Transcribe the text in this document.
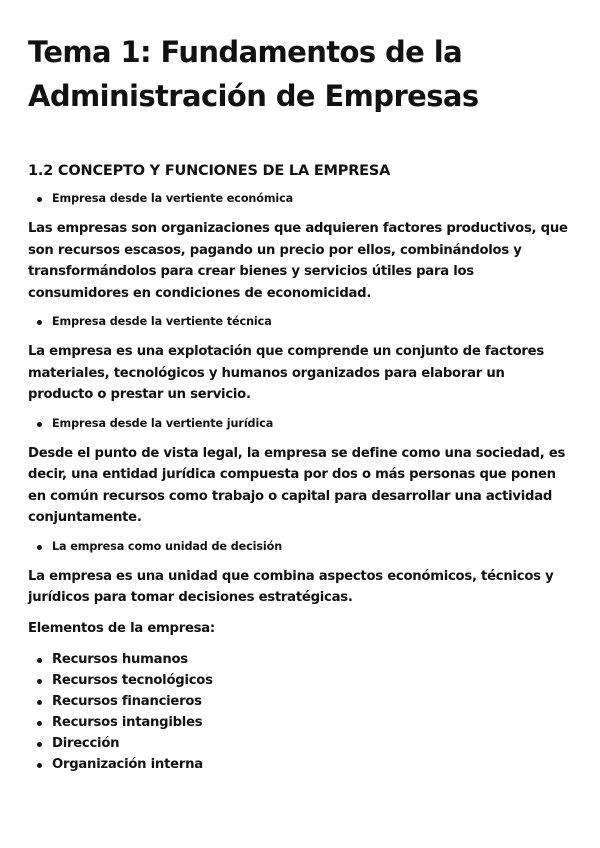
Tema 1: Fundamentos de la
Administración de Empresas
1.2 CONCEPTO Y FUNCIONES DE LA EMPRESA
Empresa desde la vertiente económica

Las empresas son organizaciones que adquieren factores productivos, que son recursos escasos, pagando un precio por ellos, combinándolos y transformándolos para crear bienes y servicios útiles para los consumidores en condiciones de economicidad.

Empresa desde la vertiente técnica

La empresa es una explotación que comprende un conjunto de factores materiales, tecnológicos y humanos organizados para elaborar un producto o prestar un servicio.

Empresa desde la vertiente jurídica

Desde el punto de vista legal, la empresa se define como una sociedad, es decir, una entidad jurídica compuesta por dos o más personas que ponen en común recursos como trabajo o capital para desarrollar una actividad conjuntamente.

La empresa como unidad de decisión

La empresa es una unidad que combina aspectos económicos, técnicos y jurídicos para tomar decisiones estratégicas.

Elementos de la empresa:

Recursos humanos
Recursos tecnológicos
Recursos financieros
Recursos intangibles
Dirección
Organización interna
